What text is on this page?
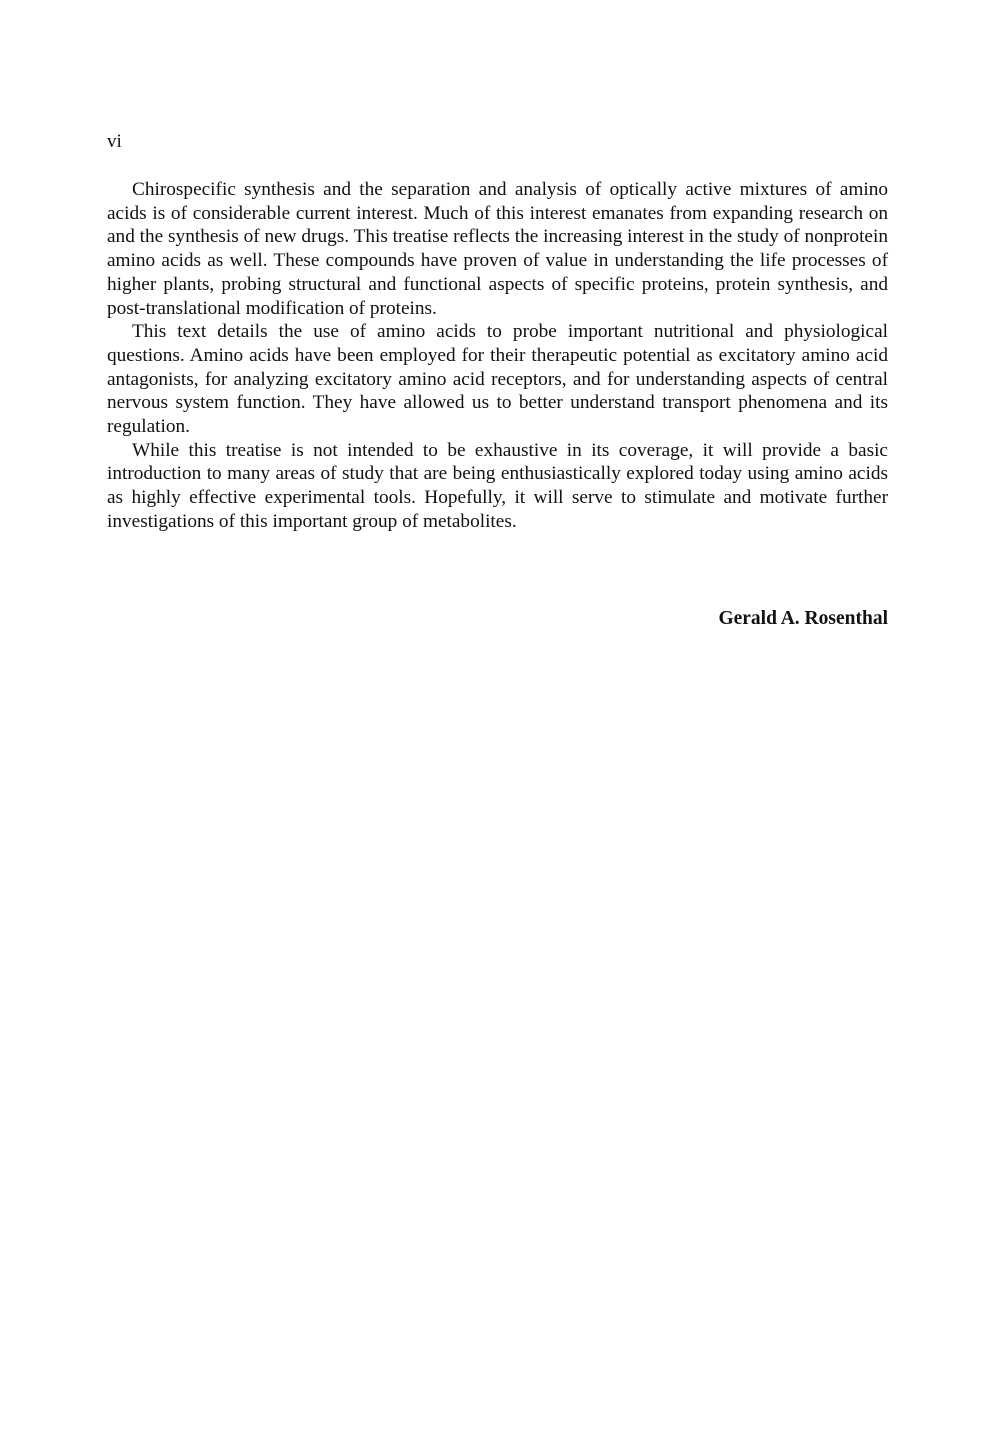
vi

Chirospecific synthesis and the separation and analysis of optically active mixtures of amino acids is of considerable current interest. Much of this interest emanates from expanding research on and the synthesis of new drugs. This treatise reflects the increasing interest in the study of nonprotein amino acids as well. These compounds have proven of value in understanding the life processes of higher plants, probing structural and functional aspects of specific proteins, protein synthesis, and post-translational modification of proteins.

This text details the use of amino acids to probe important nutritional and physiological questions. Amino acids have been employed for their therapeutic potential as excitatory amino acid antagonists, for analyzing excitatory amino acid receptors, and for understanding aspects of central nervous system function. They have allowed us to better understand transport phenomena and its regulation.

While this treatise is not intended to be exhaustive in its coverage, it will provide a basic introduction to many areas of study that are being enthusiastically explored today using amino acids as highly effective experimental tools. Hopefully, it will serve to stimulate and motivate further investigations of this important group of metabolites.

Gerald A. Rosenthal
